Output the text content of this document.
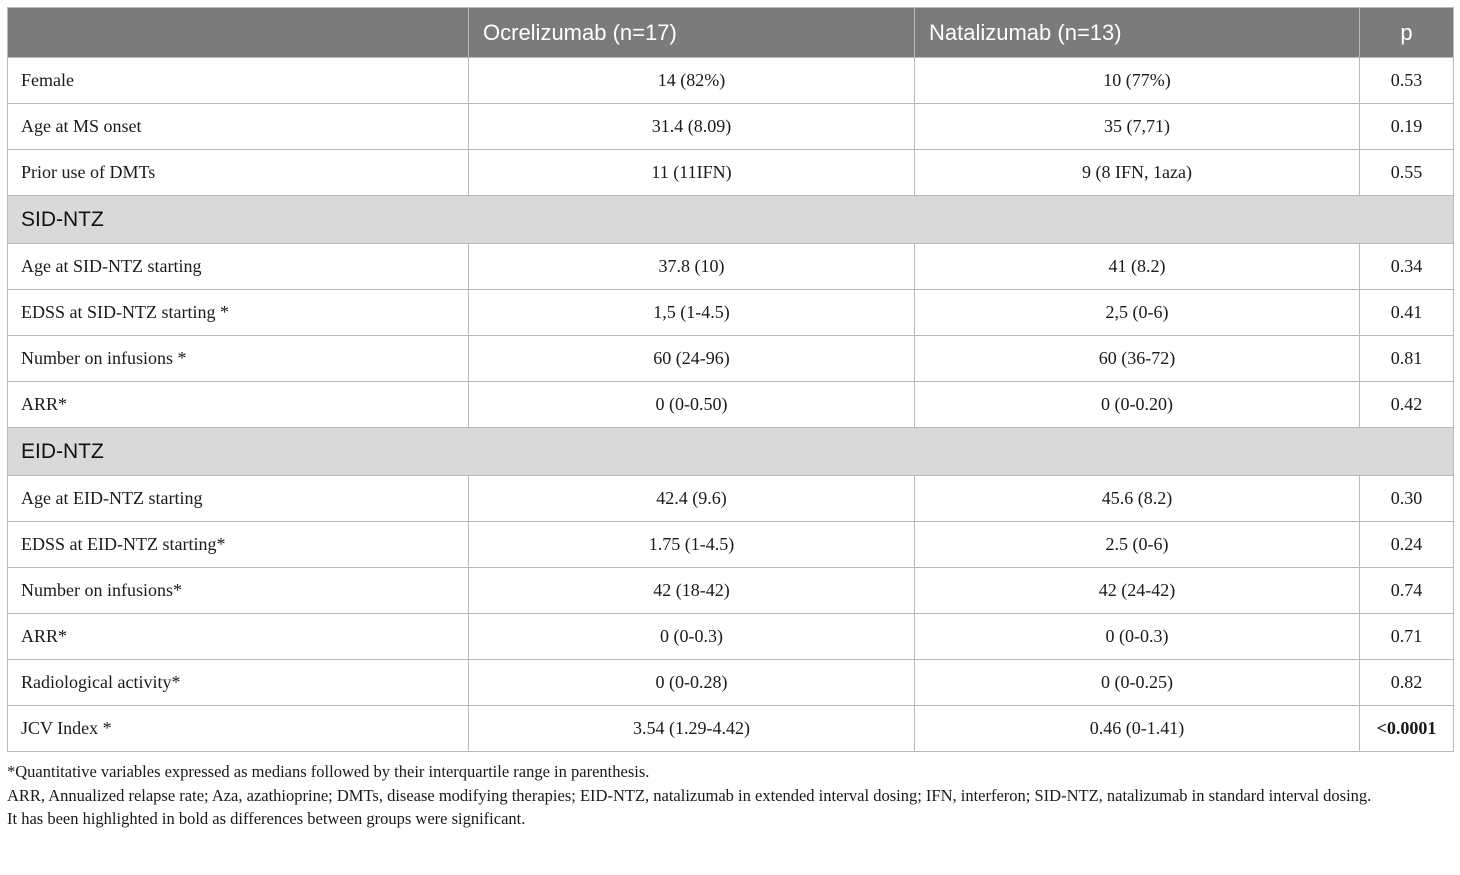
	Ocrelizumab (n=17)	Natalizumab (n=13)	p
Female	14 (82%)	10 (77%)	0.53
Age at MS onset	31.4 (8.09)	35 (7,71)	0.19
Prior use of DMTs	11 (11IFN)	9 (8 IFN, 1aza)	0.55
SID-NTZ			
Age at SID-NTZ starting	37.8 (10)	41 (8.2)	0.34
EDSS at SID-NTZ starting *	1,5 (1-4.5)	2,5 (0-6)	0.41
Number on infusions *	60 (24-96)	60 (36-72)	0.81
ARR*	0 (0-0.50)	0 (0-0.20)	0.42
EID-NTZ			
Age at EID-NTZ starting	42.4 (9.6)	45.6 (8.2)	0.30
EDSS at EID-NTZ starting*	1.75 (1-4.5)	2.5 (0-6)	0.24
Number on infusions*	42 (18-42)	42 (24-42)	0.74
ARR*	0 (0-0.3)	0 (0-0.3)	0.71
Radiological activity*	0 (0-0.28)	0 (0-0.25)	0.82
JCV Index *	3.54 (1.29-4.42)	0.46 (0-1.41)	<0.0001

*Quantitative variables expressed as medians followed by their interquartile range in parenthesis.

ARR, Annualized relapse rate; Aza, azathioprine; DMTs, disease modifying therapies; EID-NTZ, natalizumab in extended interval dosing; IFN, interferon; SID-NTZ, natalizumab in standard interval dosing.

It has been highlighted in bold as differences between groups were significant.
